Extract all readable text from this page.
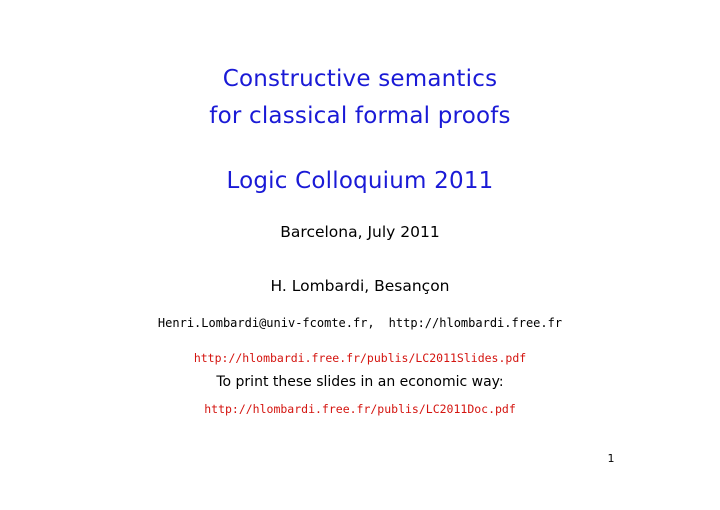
Constructive semantics
for classical formal proofs
Logic Colloquium 2011
Barcelona, July 2011
H. Lombardi, Besançon
Henri.Lombardi@univ-fcomte.fr, http://hlombardi.free.fr
http://hlombardi.free.fr/publis/LC2011Slides.pdf
To print these slides in an economic way:
http://hlombardi.free.fr/publis/LC2011Doc.pdf
1
